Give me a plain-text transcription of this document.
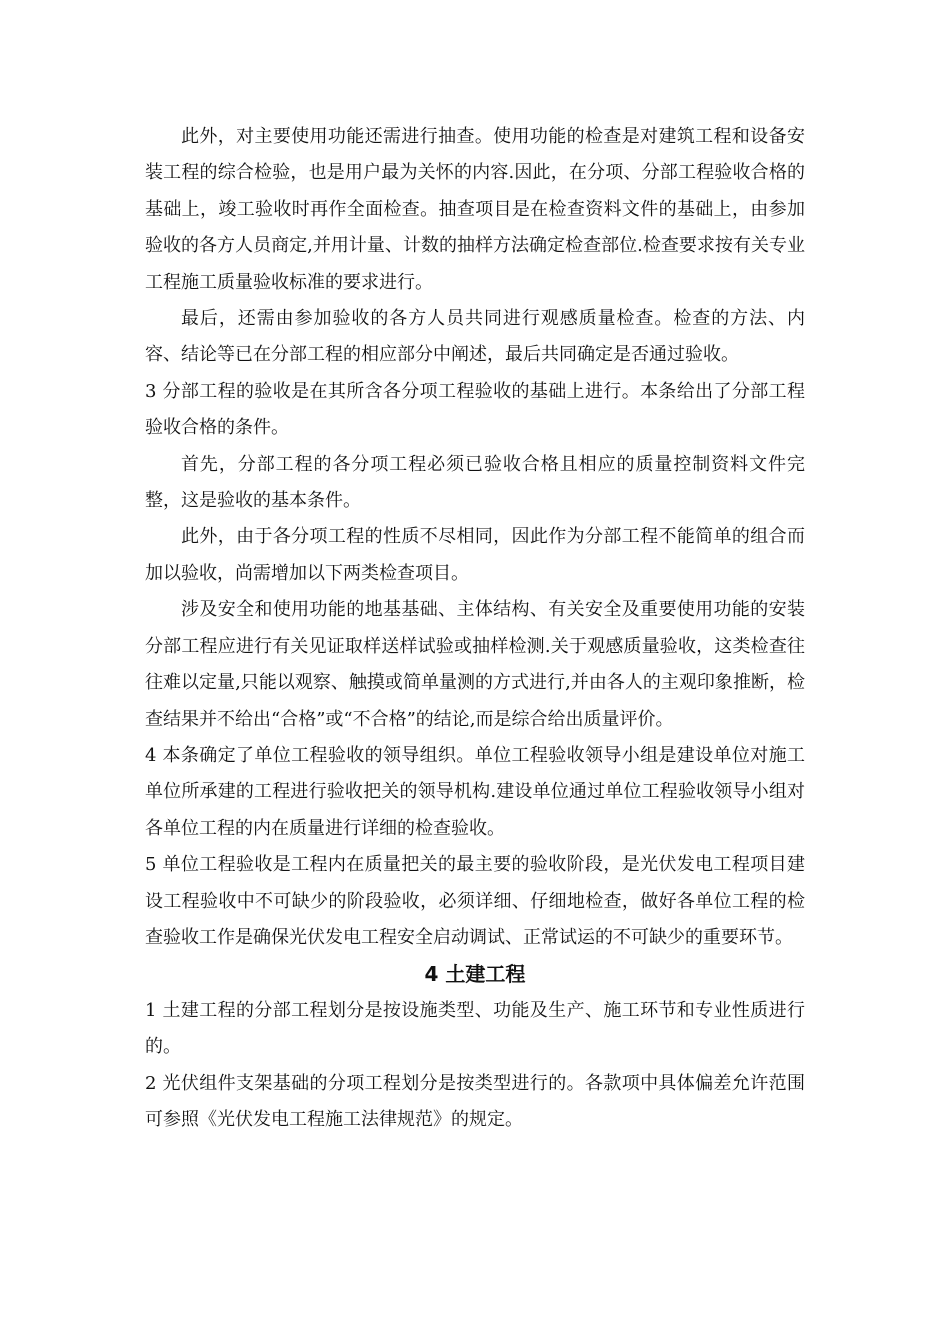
此外，对主要使用功能还需进行抽查。使用功能的检查是对建筑工程和设备安装工程的综合检验，也是用户最为关怀的内容.因此，在分项、分部工程验收合格的基础上，竣工验收时再作全面检查。抽查项目是在检查资料文件的基础上，由参加验收的各方人员商定,并用计量、计数的抽样方法确定检查部位.检查要求按有关专业工程施工质量验收标准的要求进行。

最后，还需由参加验收的各方人员共同进行观感质量检查。检查的方法、内容、结论等已在分部工程的相应部分中阐述，最后共同确定是否通过验收。

3 分部工程的验收是在其所含各分项工程验收的基础上进行。本条给出了分部工程验收合格的条件。

首先，分部工程的各分项工程必须已验收合格且相应的质量控制资料文件完整，这是验收的基本条件。

此外，由于各分项工程的性质不尽相同，因此作为分部工程不能简单的组合而加以验收，尚需增加以下两类检查项目。

涉及安全和使用功能的地基基础、主体结构、有关安全及重要使用功能的安装分部工程应进行有关见证取样送样试验或抽样检测.关于观感质量验收，这类检查往往难以定量,只能以观察、触摸或简单量测的方式进行,并由各人的主观印象推断，检查结果并不给出“合格”或“不合格”的结论,而是综合给出质量评价。

4 本条确定了单位工程验收的领导组织。单位工程验收领导小组是建设单位对施工单位所承建的工程进行验收把关的领导机构.建设单位通过单位工程验收领导小组对各单位工程的内在质量进行详细的检查验收。

5 单位工程验收是工程内在质量把关的最主要的验收阶段，是光伏发电工程项目建设工程验收中不可缺少的阶段验收，必须详细、仔细地检查，做好各单位工程的检查验收工作是确保光伏发电工程安全启动调试、正常试运的不可缺少的重要环节。

4 土建工程

1 土建工程的分部工程划分是按设施类型、功能及生产、施工环节和专业性质进行的。

2 光伏组件支架基础的分项工程划分是按类型进行的。各款项中具体偏差允许范围可参照《光伏发电工程施工法律规范》的规定。
